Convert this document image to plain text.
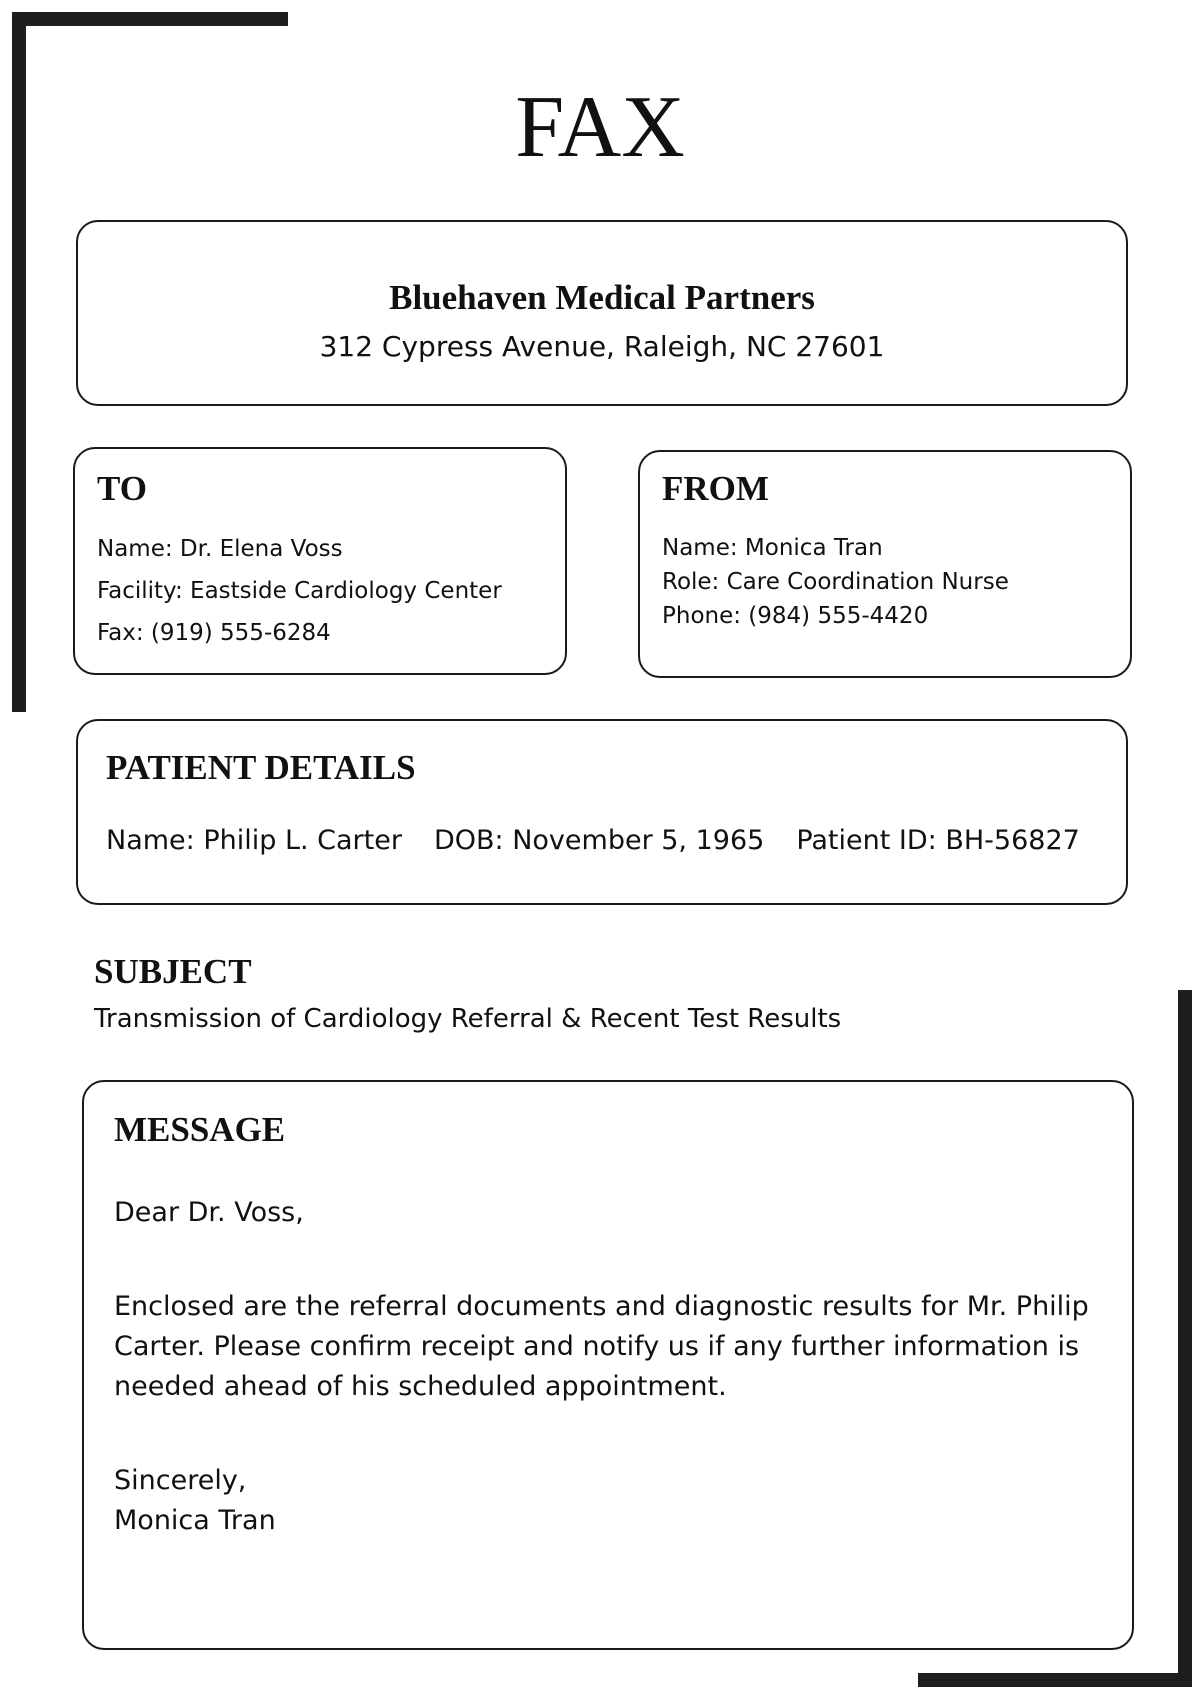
FAX
Bluehaven Medical Partners
312 Cypress Avenue, Raleigh, NC 27601
TO
Name: Dr. Elena Voss
Facility: Eastside Cardiology Center
Fax: (919) 555-6284
FROM
Name: Monica Tran
Role: Care Coordination Nurse
Phone: (984) 555-4420
PATIENT DETAILS
Name: Philip L. Carter DOB: November 5, 1965 Patient ID: BH-56827
SUBJECT
Transmission of Cardiology Referral & Recent Test Results
MESSAGE
Dear Dr. Voss,
Enclosed are the referral documents and diagnostic results for Mr. Philip Carter. Please confirm receipt and notify us if any further information is needed ahead of his scheduled appointment.
Sincerely,
Monica Tran
